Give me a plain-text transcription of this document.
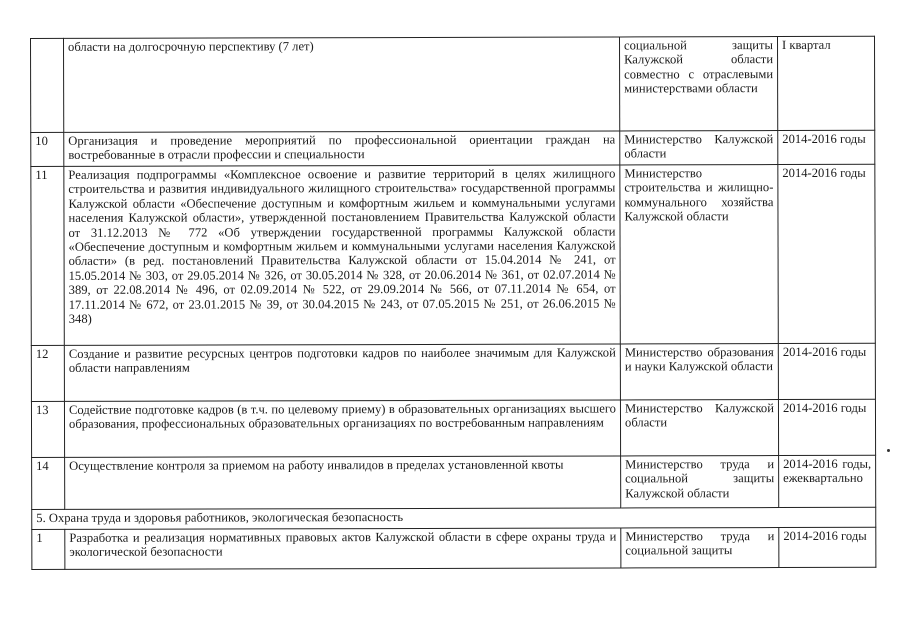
	области на долгосрочную перспективу (7 лет)	социальной защиты Калужской области совместно с отраслевыми министерствами области	I квартал
10	Организация и проведение мероприятий по профессиональной ориентации граждан на востребованные в отрасли профессии и специальности	Министерство Калужской области	2014-2016 годы
11	Реализация подпрограммы «Комплексное освоение и развитие территорий в целях жилищного строительства и развития индивидуального жилищного строительства» государственной программы Калужской области «Обеспечение доступным и комфортным жильем и коммунальными услугами населения Калужской области», утвержденной постановлением Правительства Калужской области от 31.12.2013 № 772 «Об утверждении государственной программы Калужской области «Обеспечение доступным и комфортным жильем и коммунальными услугами населения Калужской области» (в ред. постановлений Правительства Калужской области от 15.04.2014 № 241, от 15.05.2014 № 303, от 29.05.2014 № 326, от 30.05.2014 № 328, от 20.06.2014 № 361, от 02.07.2014 № 389, от 22.08.2014 № 496, от 02.09.2014 № 522, от 29.09.2014 № 566, от 07.11.2014 № 654, от 17.11.2014 № 672, от 23.01.2015 № 39, от 30.04.2015 № 243, от 07.05.2015 № 251, от 26.06.2015 № 348)	Министерство строительства и жилищно-коммунального хозяйства Калужской области	2014-2016 годы
12	Создание и развитие ресурсных центров подготовки кадров по наиболее значимым для Калужской области направлениям	Министерство образования и науки Калужской области	2014-2016 годы
13	Содействие подготовке кадров (в т.ч. по целевому приему) в образовательных организациях высшего образования, профессиональных образовательных организациях по востребованным направлениям	Министерство Калужской области	2014-2016 годы
14	Осуществление контроля за приемом на работу инвалидов в пределах установленной квоты	Министерство труда и социальной защиты Калужской области	2014-2016 годы, ежеквартально
5. Охрана труда и здоровья работников, экологическая безопасность			
1	Разработка и реализация нормативных правовых актов Калужской области в сфере охраны труда и экологической безопасности	Министерство труда и социальной защиты	2014-2016 годы
